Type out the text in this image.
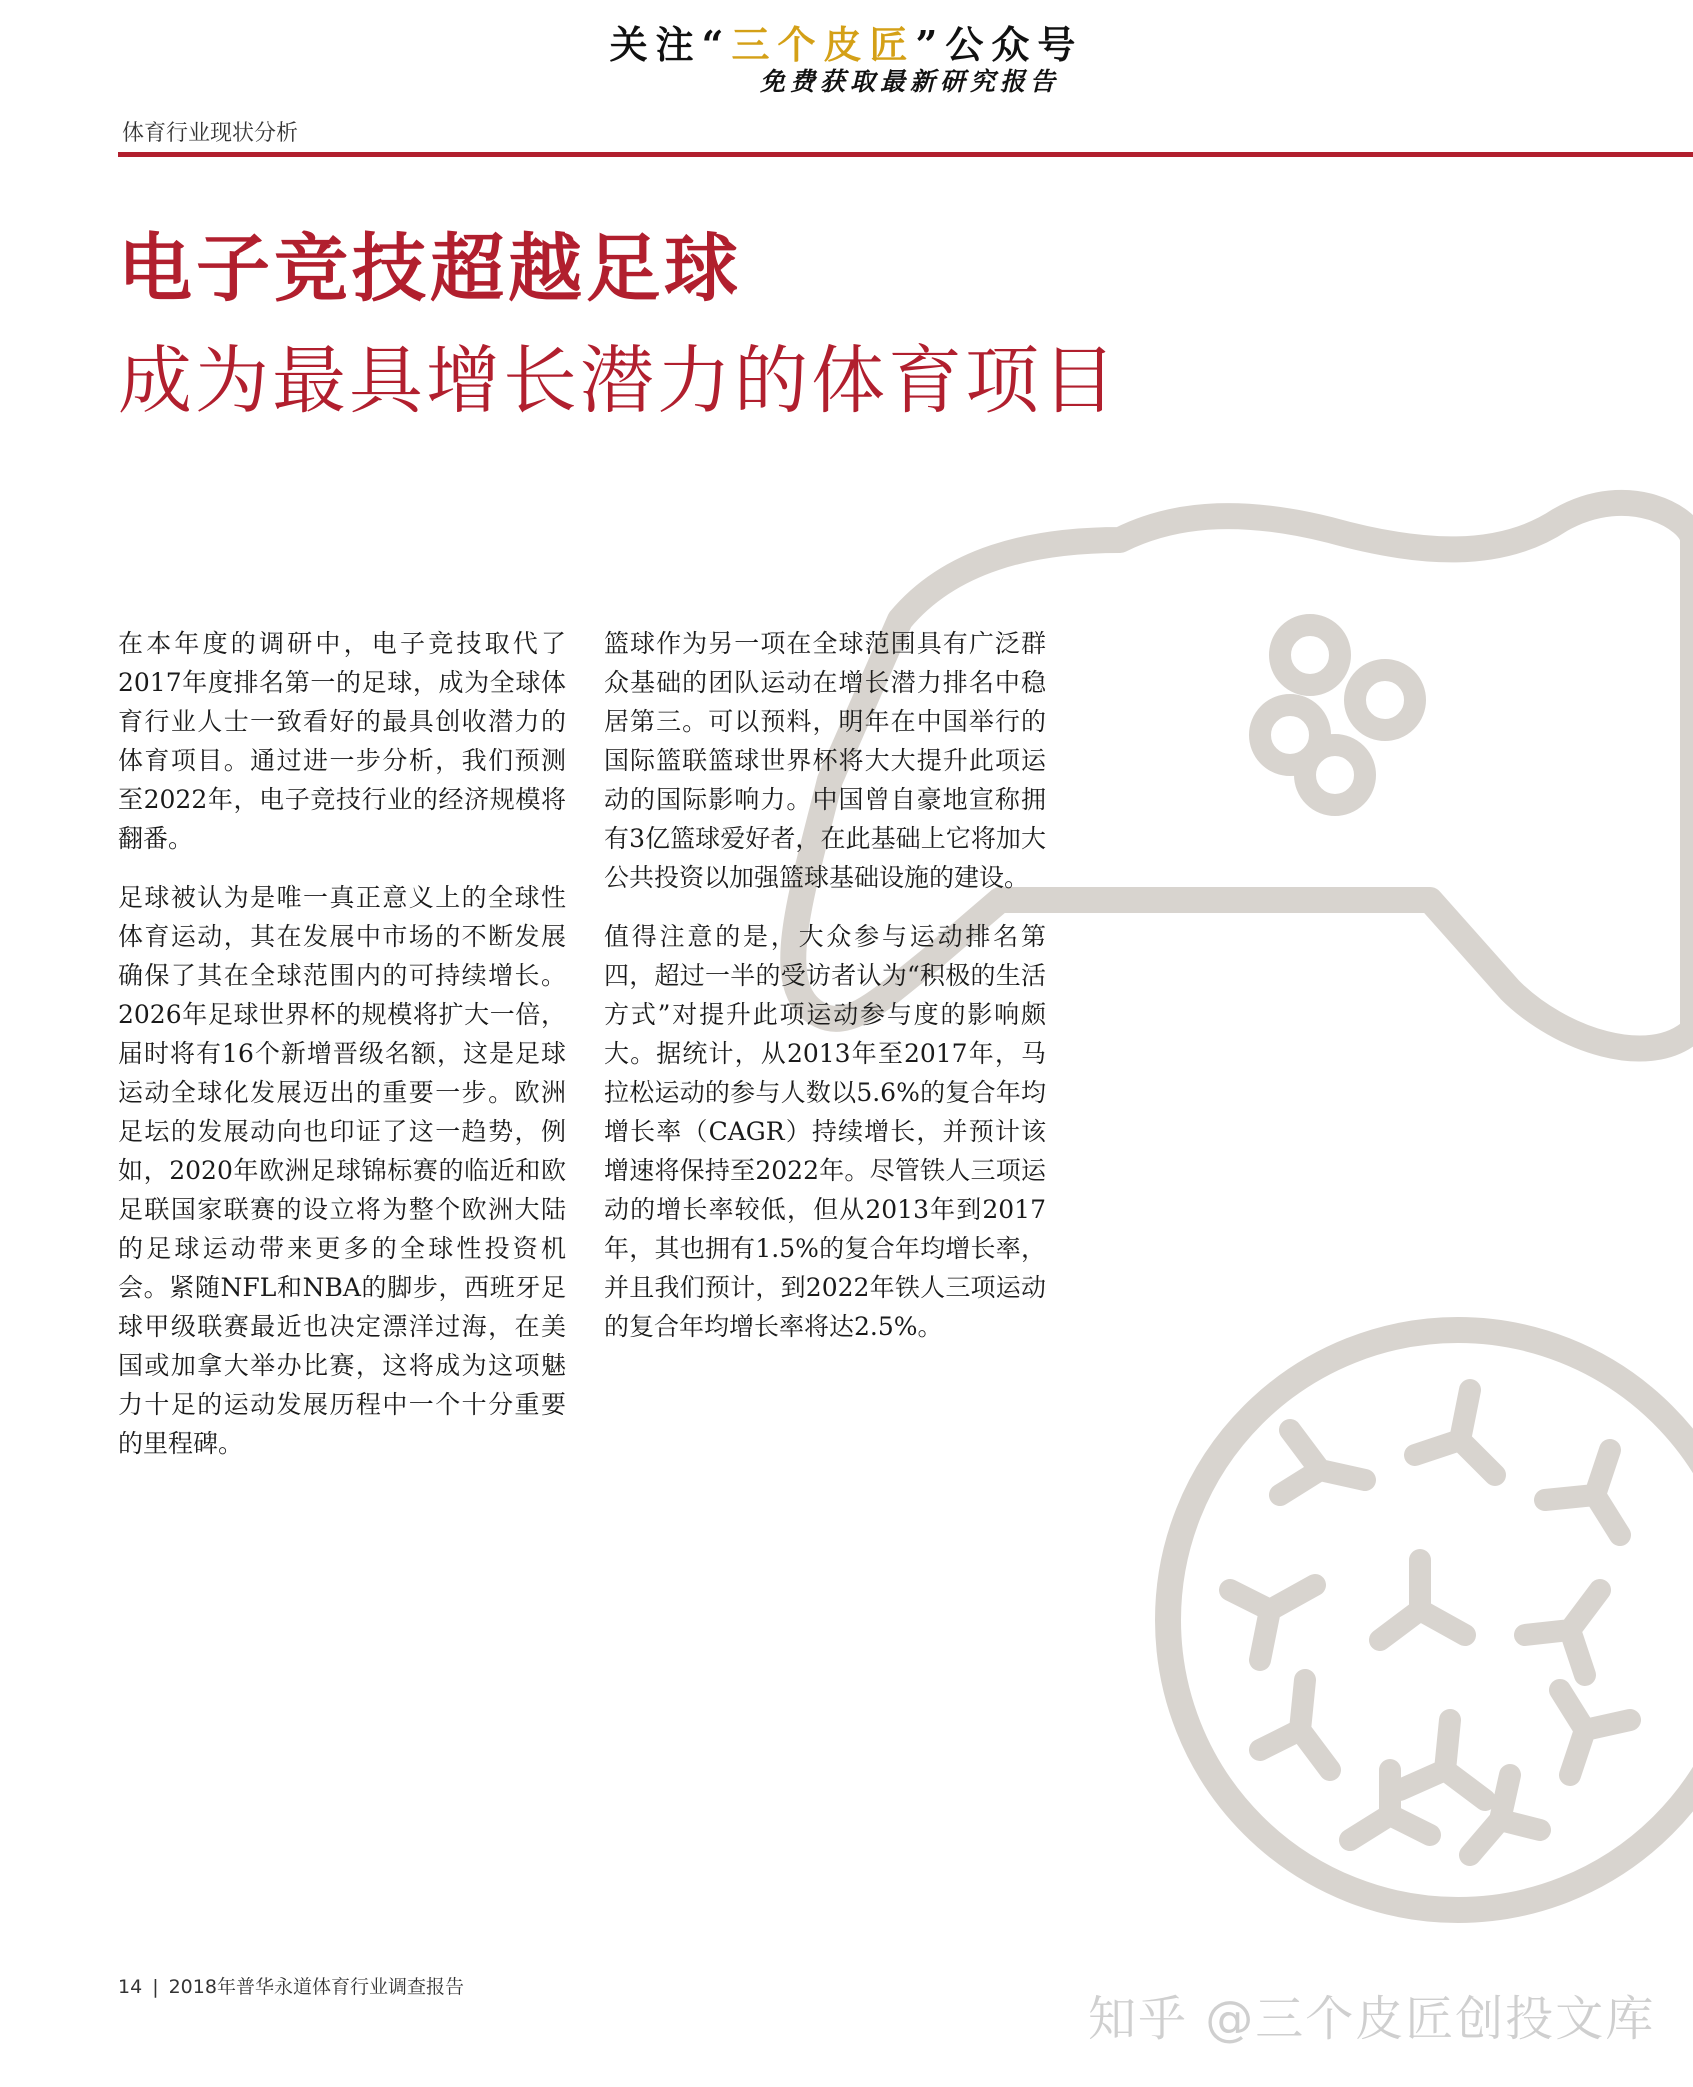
关注“三个皮匠”公众号
免费获取最新研究报告
体育行业现状分析
电子竞技超越足球
成为最具增长潜力的体育项目

在本年度的调研中，电子竞技取代了2017年度排名第一的足球，成为全球体育行业人士一致看好的最具创收潜力的体育项目。通过进一步分析，我们预测至2022年，电子竞技行业的经济规模将翻番。

足球被认为是唯一真正意义上的全球性体育运动，其在发展中市场的不断发展确保了其在全球范围内的可持续增长。2026年足球世界杯的规模将扩大一倍，届时将有16个新增晋级名额，这是足球运动全球化发展迈出的重要一步。欧洲足坛的发展动向也印证了这一趋势，例如，2020年欧洲足球锦标赛的临近和欧足联国家联赛的设立将为整个欧洲大陆的足球运动带来更多的全球性投资机会。紧随NFL和NBA的脚步，西班牙足球甲级联赛最近也决定漂洋过海，在美国或加拿大举办比赛，这将成为这项魅力十足的运动发展历程中一个十分重要的里程碑。

篮球作为另一项在全球范围具有广泛群众基础的团队运动在增长潜力排名中稳居第三。可以预料，明年在中国举行的国际篮联篮球世界杯将大大提升此项运动的国际影响力。中国曾自豪地宣称拥有3亿篮球爱好者，在此基础上它将加大公共投资以加强篮球基础设施的建设。

值得注意的是，大众参与运动排名第四，超过一半的受访者认为“积极的生活方式”对提升此项运动参与度的影响颇大。据统计，从2013年至2017年，马拉松运动的参与人数以5.6%的复合年均增长率（CAGR）持续增长，并预计该增速将保持至2022年。尽管铁人三项运动的增长率较低，但从2013年到2017年，其也拥有1.5%的复合年均增长率，并且我们预计，到2022年铁人三项运动的复合年均增长率将达2.5%。

14 | 2018年普华永道体育行业调查报告
知乎 @三个皮匠创投文库
